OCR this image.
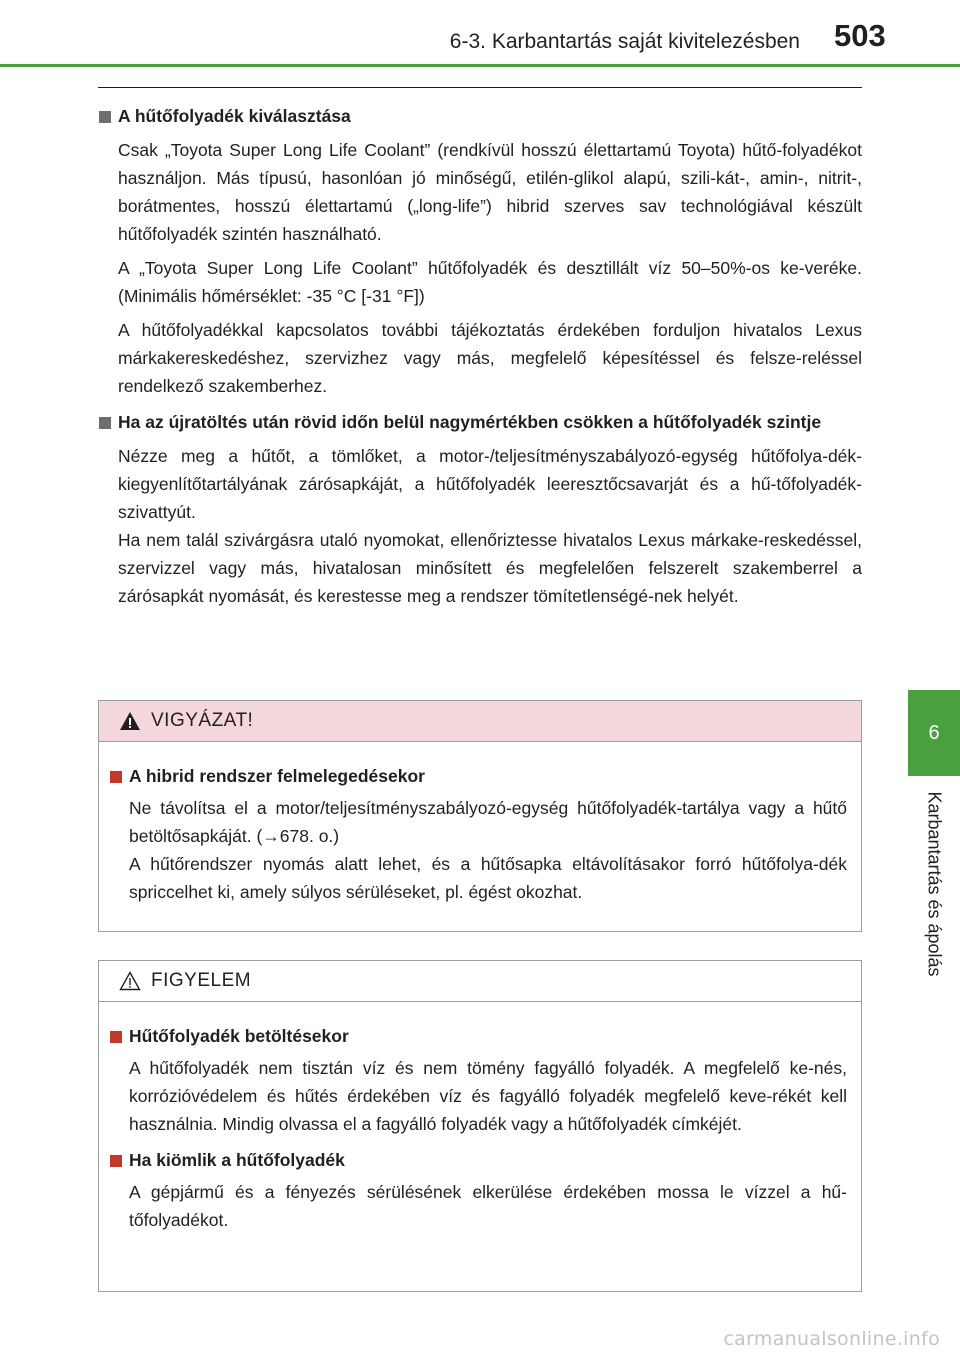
6-3. Karbantartás saját kivitelezésben 503
6
Karbantartás és ápolás
A hűtőfolyadék kiválasztása
Csak „Toyota Super Long Life Coolant” (rendkívül hosszú élettartamú Toyota) hűtő-folyadékot használjon. Más típusú, hasonlóan jó minőségű, etilén-glikol alapú, szili-kát-, amin-, nitrit-, borátmentes, hosszú élettartamú („long-life”) hibrid szerves sav technológiával készült hűtőfolyadék szintén használható.
A „Toyota Super Long Life Coolant” hűtőfolyadék és desztillált víz 50–50%-os ke-veréke. (Minimális hőmérséklet: -35 °C [-31 °F])
A hűtőfolyadékkal kapcsolatos további tájékoztatás érdekében forduljon hivatalos Lexus márkakereskedéshez, szervizhez vagy más, megfelelő képesítéssel és felsze-reléssel rendelkező szakemberhez.
Ha az újratöltés után rövid időn belül nagymértékben csökken a hűtőfolyadék szintje
Nézze meg a hűtőt, a tömlőket, a motor-/teljesítményszabályozó-egység hűtőfolya-dék-kiegyenlítőtartályának zárósapkáját, a hűtőfolyadék leeresztőcsavarját és a hű-tőfolyadék-szivattyút.
Ha nem talál szivárgásra utaló nyomokat, ellenőriztesse hivatalos Lexus márkake-reskedéssel, szervizzel vagy más, hivatalosan minősített és megfelelően felszerelt szakemberrel a zárósapkát nyomását, és kerestesse meg a rendszer tömítetlenségé-nek helyét.
VIGYÁZAT!
A hibrid rendszer felmelegedésekor
Ne távolítsa el a motor/teljesítményszabályozó-egység hűtőfolyadék-tartálya vagy a hűtő betöltősapkáját. (→678. o.)
A hűtőrendszer nyomás alatt lehet, és a hűtősapka eltávolításakor forró hűtőfolya-dék spriccelhet ki, amely súlyos sérüléseket, pl. égést okozhat.
FIGYELEM
Hűtőfolyadék betöltésekor
A hűtőfolyadék nem tisztán víz és nem tömény fagyálló folyadék. A megfelelő ke-nés, korrózióvédelem és hűtés érdekében víz és fagyálló folyadék megfelelő keve-rékét kell használnia. Mindig olvassa el a fagyálló folyadék vagy a hűtőfolyadék címkéjét.
Ha kiömlik a hűtőfolyadék
A gépjármű és a fényezés sérülésének elkerülése érdekében mossa le vízzel a hű-tőfolyadékot.
carmanualsonline.info
